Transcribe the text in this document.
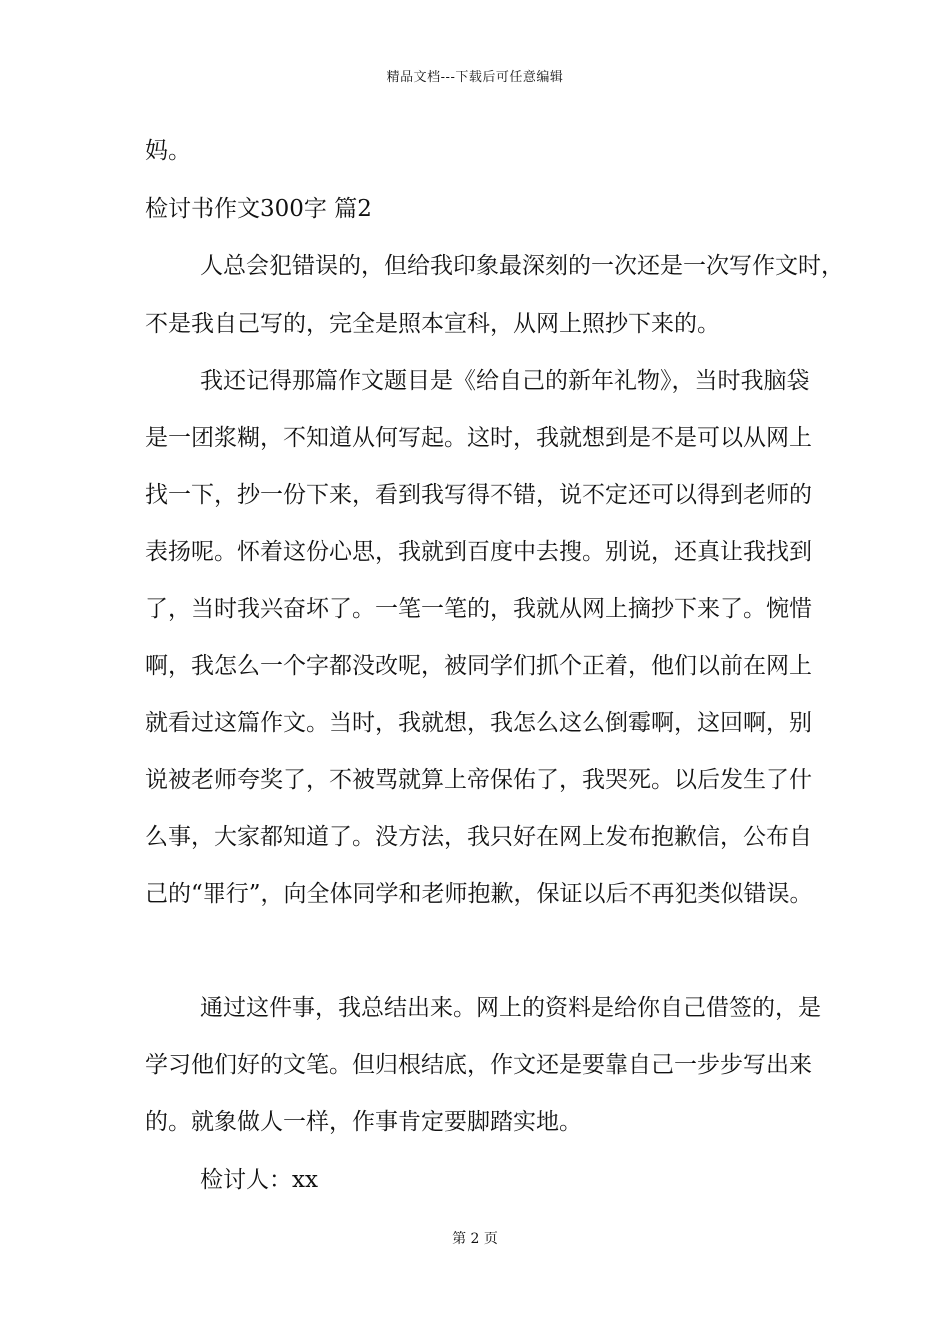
精品文档---下载后可任意编辑
妈。
检讨书作文300字 篇2
人总会犯错误的，但给我印象最深刻的一次还是一次写作文时，
不是我自己写的，完全是照本宣科，从网上照抄下来的。
我还记得那篇作文题目是《给自己的新年礼物》，当时我脑袋
是一团浆糊，不知道从何写起。这时，我就想到是不是可以从网上
找一下，抄一份下来，看到我写得不错，说不定还可以得到老师的
表扬呢。怀着这份心思，我就到百度中去搜。别说，还真让我找到
了，当时我兴奋坏了。一笔一笔的，我就从网上摘抄下来了。惋惜
啊，我怎么一个字都没改呢，被同学们抓个正着，他们以前在网上
就看过这篇作文。当时，我就想，我怎么这么倒霉啊，这回啊，别
说被老师夸奖了，不被骂就算上帝保佑了，我哭死。以后发生了什
么事，大家都知道了。没方法，我只好在网上发布抱歉信，公布自
己的“罪行”，向全体同学和老师抱歉，保证以后不再犯类似错误。
通过这件事，我总结出来。网上的资料是给你自己借签的，是
学习他们好的文笔。但归根结底，作文还是要靠自己一步步写出来
的。就象做人一样，作事肯定要脚踏实地。
检讨人：xx
第 2 页
